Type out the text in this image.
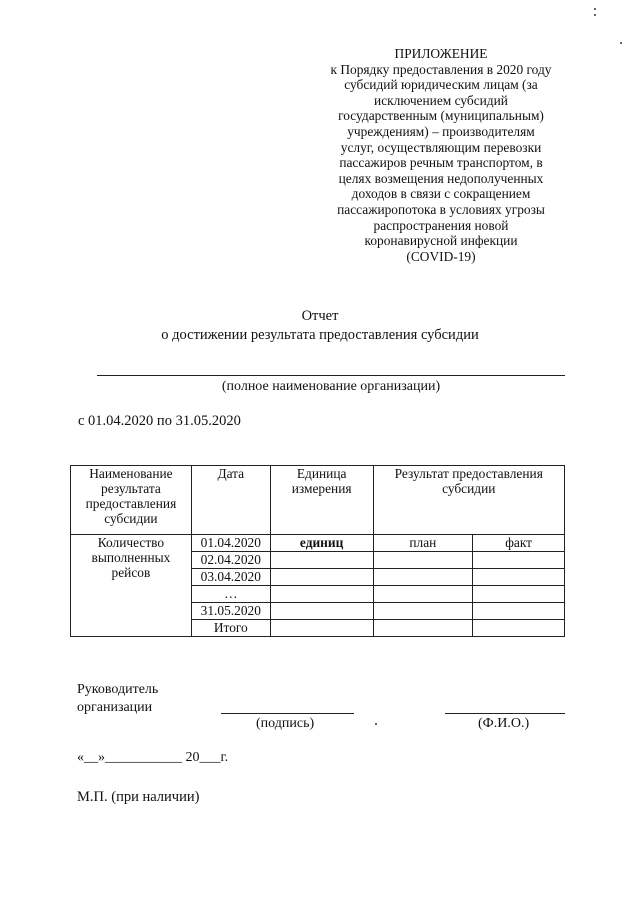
ПРИЛОЖЕНИЕ
к Порядку предоставления в 2020 году
субсидий юридическим лицам (за
исключением субсидий
государственным (муниципальным)
учреждениям) – производителям
услуг, осуществляющим перевозки
пассажиров речным транспортом, в
целях возмещения недополученных
доходов в связи с сокращением
пассажиропотока в условиях угрозы
распространения новой
коронавирусной инфекции
(COVID-19)
Отчет
о достижении результата предоставления субсидии
(полное наименование организации)
с 01.04.2020 по 31.05.2020
Наименование результата предоставления субсидии	Дата	Единица измерения	Результат предоставления субсидии	
Количество выполненных рейсов	01.04.2020	единиц	план	факт
	02.04.2020			
	03.04.2020			
	…			
	31.05.2020			
	Итого			
Руководитель
организации
(подпись)	(Ф.И.О.)
«__»___________ 20___г.
М.П. (при наличии)
